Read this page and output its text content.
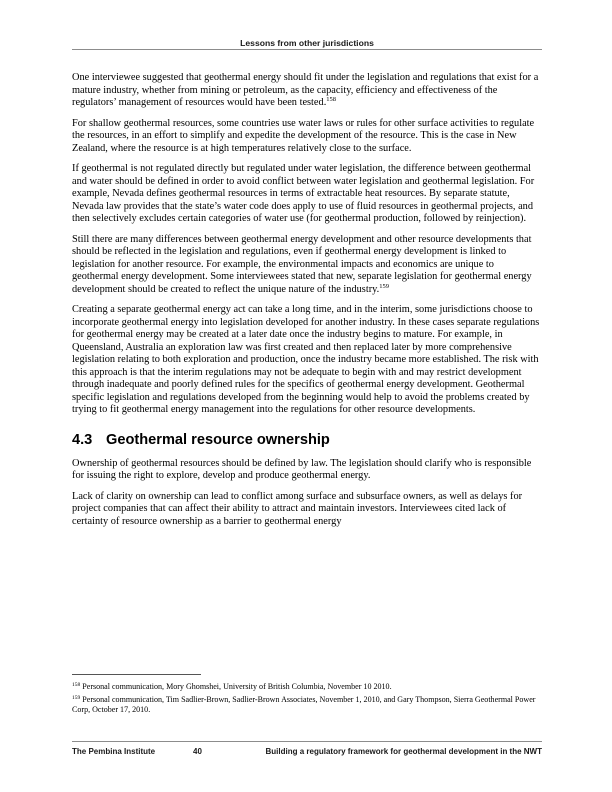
Lessons from other jurisdictions

One interviewee suggested that geothermal energy should fit under the legislation and regulations that exist for a mature industry, whether from mining or petroleum, as the capacity, efficiency and effectiveness of the regulators’ management of resources would have been tested.$^{158}$

For shallow geothermal resources, some countries use water laws or rules for other surface activities to regulate the resources, in an effort to simplify and expedite the development of the resource. This is the case in New Zealand, where the resource is at high temperatures relatively close to the surface.

If geothermal is not regulated directly but regulated under water legislation, the difference between geothermal and water should be defined in order to avoid conflict between water legislation and geothermal legislation. For example, Nevada defines geothermal resources in terms of extractable heat resources. By separate statute, Nevada law provides that the state’s water code does apply to use of fluid resources in geothermal projects, and then selectively excludes certain categories of water use (for geothermal production, followed by reinjection).

Still there are many differences between geothermal energy development and other resource developments that should be reflected in the legislation and regulations, even if geothermal energy development is linked to legislation for another resource. For example, the environmental impacts and economics are unique to geothermal energy development. Some interviewees stated that new, separate legislation for geothermal energy development should be created to reflect the unique nature of the industry.$^{159}$

Creating a separate geothermal energy act can take a long time, and in the interim, some jurisdictions choose to incorporate geothermal energy into legislation developed for another industry. In these cases separate regulations for geothermal energy may be created at a later date once the industry begins to mature. For example, in Queensland, Australia an exploration law was first created and then replaced later by more comprehensive legislation relating to both exploration and production, once the industry became more established. The risk with this approach is that the interim regulations may not be adequate to begin with and may restrict development through inadequate and poorly defined rules for the specifics of geothermal energy development. Geothermal specific legislation and regulations developed from the beginning would help to avoid the problems created by trying to fit geothermal energy management into the regulations for other resource developments.

4.3 Geothermal resource ownership

Ownership of geothermal resources should be defined by law. The legislation should clarify who is responsible for issuing the right to explore, develop and produce geothermal energy.

Lack of clarity on ownership can lead to conflict among surface and subsurface owners, as well as delays for project companies that can affect their ability to attract and maintain investors. Interviewees cited lack of certainty of resource ownership as a barrier to geothermal energy

$^{158}$ Personal communication, Mory Ghomshei, University of British Columbia, November 10 2010.

$^{159}$ Personal communication, Tim Sadlier-Brown, Sadlier-Brown Associates, November 1, 2010, and Gary Thompson, Sierra Geothermal Power Corp, October 17, 2010.

The Pembina Institute	40	Building a regulatory framework for geothermal development in the NWT
